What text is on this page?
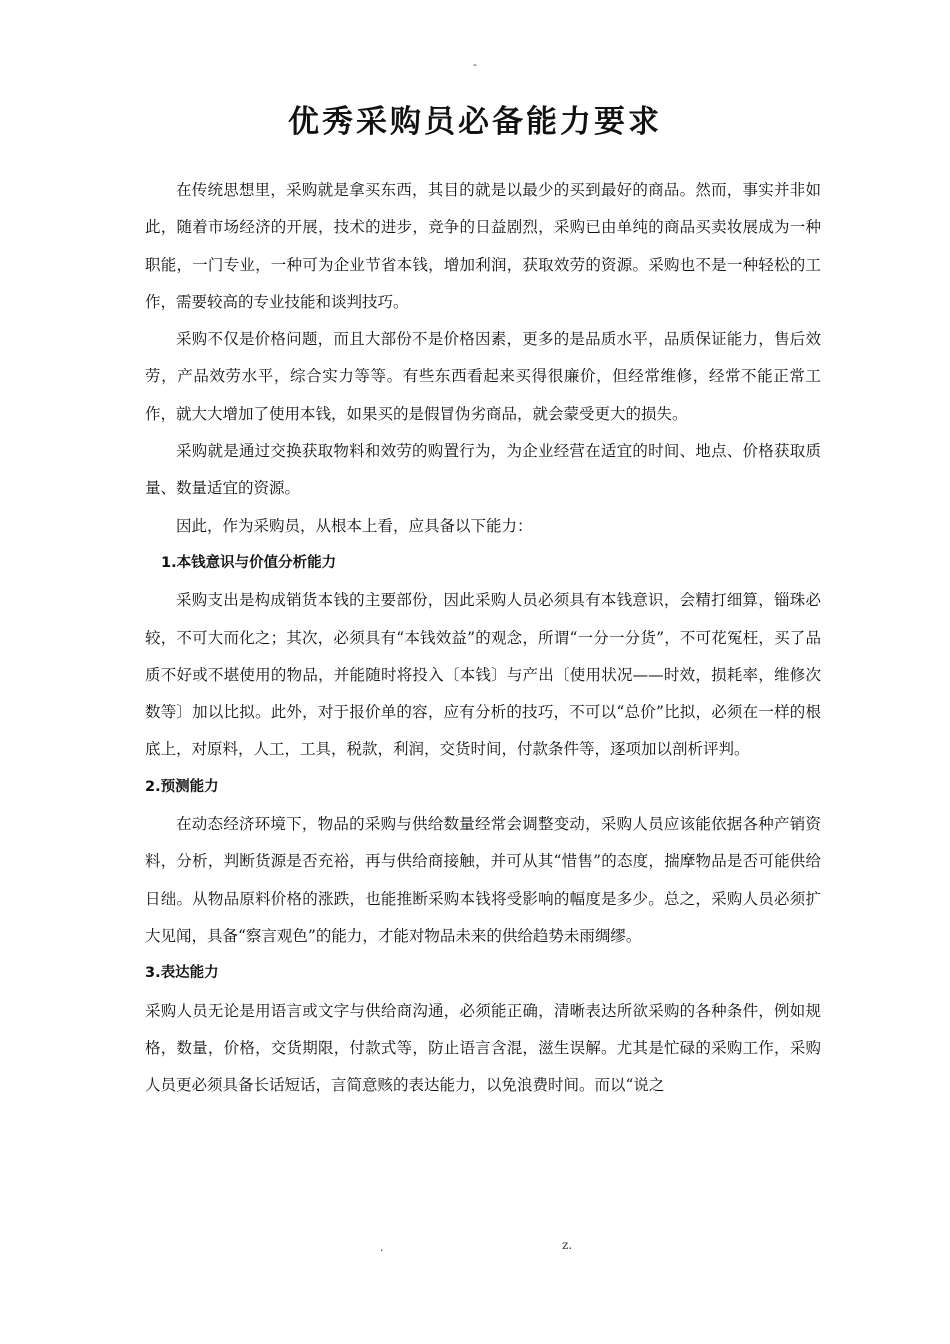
-
优秀采购员必备能力要求

在传统思想里，采购就是拿买东西，其目的就是以最少的买到最好的商品。然而，事实并非如此，随着市场经济的开展，技术的进步，竞争的日益剧烈，采购已由单纯的商品买卖妆展成为一种职能，一门专业，一种可为企业节省本钱，增加利润，获取效劳的资源。采购也不是一种轻松的工作，需要较高的专业技能和谈判技巧。

采购不仅是价格问题，而且大部份不是价格因素，更多的是品质水平，品质保证能力，售后效劳，产品效劳水平，综合实力等等。有些东西看起来买得很廉价，但经常维修，经常不能正常工作，就大大增加了使用本钱，如果买的是假冒伪劣商品，就会蒙受更大的损失。

采购就是通过交换获取物料和效劳的购置行为，为企业经营在适宜的时间、地点、价格获取质量、数量适宜的资源。

因此，作为采购员，从根本上看，应具备以下能力：

1.本钱意识与价值分析能力

采购支出是构成销货本钱的主要部份，因此采购人员必须具有本钱意识，会精打细算，锱珠必较，不可大而化之；其次，必须具有“本钱效益”的观念，所谓“一分一分货”，不可花冤枉，买了品质不好或不堪使用的物品，并能随时将投入〔本钱〕与产出〔使用状况——时效，损耗率，维修次数等〕加以比拟。此外，对于报价单的容，应有分析的技巧，不可以“总价”比拟，必须在一样的根底上，对原料，人工，工具，税款，利润，交货时间，付款条件等，逐项加以剖析评判。

2.预测能力

在动态经济环境下，物品的采购与供给数量经常会调整变动，采购人员应该能依据各种产销资料，分析，判断货源是否充裕，再与供给商接触，并可从其“惜售”的态度，揣摩物品是否可能供给日绌。从物品原料价格的涨跌，也能推断采购本钱将受影响的幅度是多少。总之，采购人员必须扩大见闻，具备“察言观色”的能力，才能对物品未来的供给趋势未雨绸缪。

3.表达能力

采购人员无论是用语言或文字与供给商沟通，必须能正确，清晰表达所欲采购的各种条件，例如规格，数量，价格，交货期限，付款式等，防止语言含混，滋生误解。尤其是忙碌的采购工作，采购人员更必须具备长话短话，言简意赅的表达能力，以免浪费时间。而以“说之

.	z.
